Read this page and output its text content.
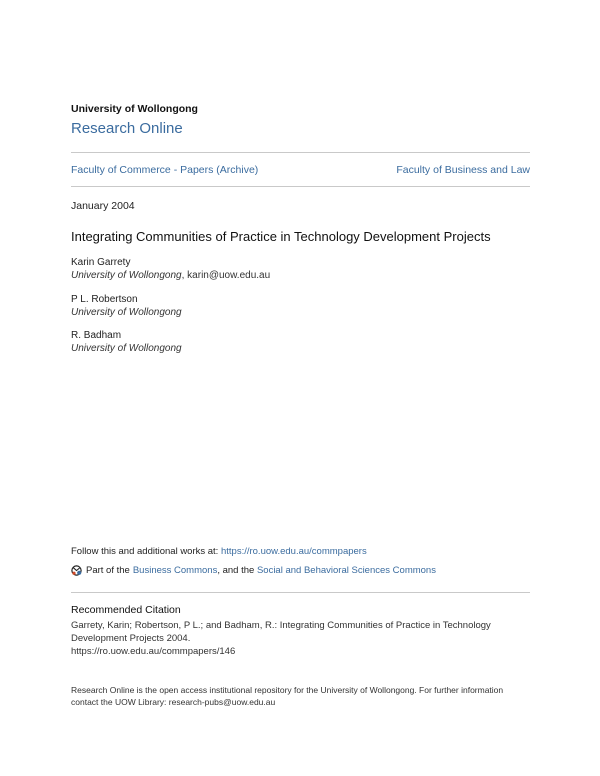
University of Wollongong
Research Online
Faculty of Commerce - Papers (Archive)	Faculty of Business and Law
January 2004
Integrating Communities of Practice in Technology Development Projects
Karin Garrety
University of Wollongong, karin@uow.edu.au
P L. Robertson
University of Wollongong
R. Badham
University of Wollongong
Follow this and additional works at: https://ro.uow.edu.au/commpapers
Part of the Business Commons , and the Social and Behavioral Sciences Commons
Recommended Citation
Garrety, Karin; Robertson, P L.; and Badham, R.: Integrating Communities of Practice in Technology
Development Projects 2004.
https://ro.uow.edu.au/commpapers/146
Research Online is the open access institutional repository for the University of Wollongong. For further information
contact the UOW Library: research-pubs@uow.edu.au
